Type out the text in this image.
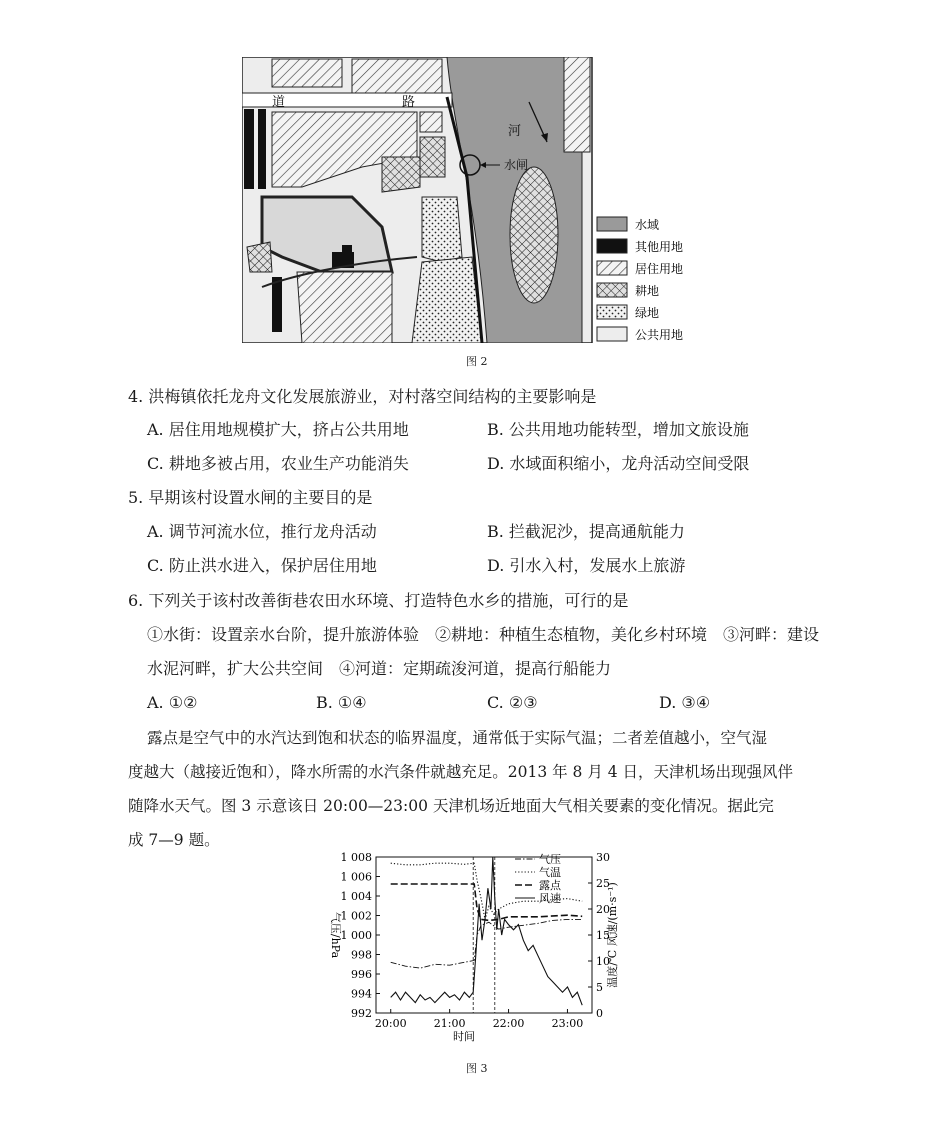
道	路
河
水闸
水域
其他用地
居住用地
耕地
绿地
公共用地
图 2
4. 洪梅镇依托龙舟文化发展旅游业，对村落空间结构的主要影响是
A. 居住用地规模扩大，挤占公共用地	B. 公共用地功能转型，增加文旅设施
C. 耕地多被占用，农业生产功能消失	D. 水域面积缩小，龙舟活动空间受限
5. 早期该村设置水闸的主要目的是
A. 调节河流水位，推行龙舟活动	B. 拦截泥沙，提高通航能力
C. 防止洪水进入，保护居住用地	D. 引水入村，发展水上旅游
6. 下列关于该村改善街巷农田水环境、打造特色水乡的措施，可行的是
①水街：设置亲水台阶，提升旅游体验　②耕地：种植生态植物，美化乡村环境　③河畔：建设
水泥河畔，扩大公共空间　④河道：定期疏浚河道，提高行船能力
A. ①②	B. ①④	C. ②③	D. ③④
露点是空气中的水汽达到饱和状态的临界温度，通常低于实际气温；二者差值越小，空气湿
度越大（越接近饱和），降水所需的水汽条件就越充足。2013 年 8 月 4 日，天津机场出现强风伴
随降水天气。图 3 示意该日 20:00—23:00 天津机场近地面大气相关要素的变化情况。据此完
成 7—9 题。
992
994
996
998
1 000
1 002
1 004
1 006
1 008
0
5
10
15
20
25
30
20:00 21:00 22:00 23:00
时间
气压/hPa	温度/℃ 风速/(m·s⁻¹)
气压
气温
露点
风速
图 3
